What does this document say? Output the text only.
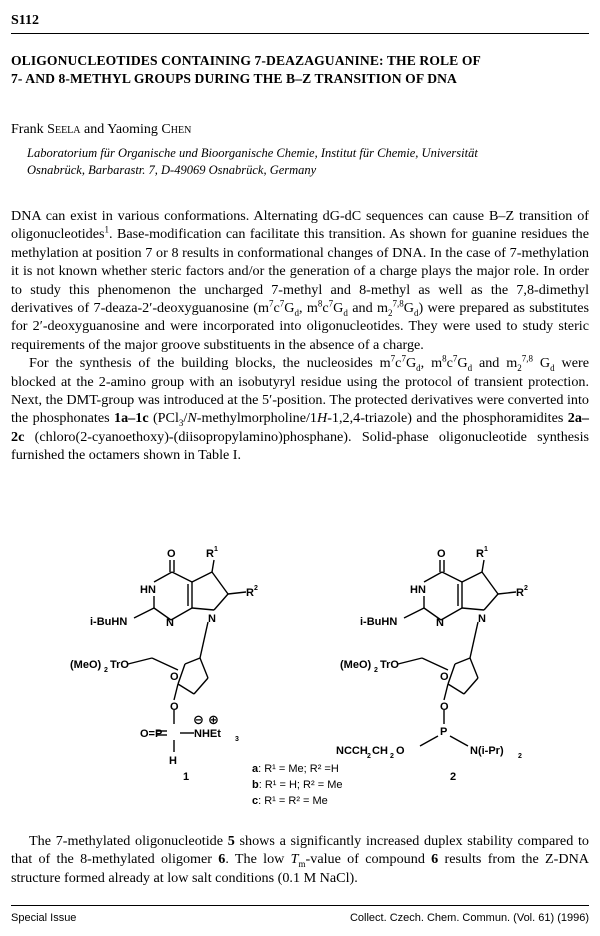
S112
OLIGONUCLEOTIDES CONTAINING 7-DEAZAGUANINE: THE ROLE OF
7- AND 8-METHYL GROUPS DURING THE B–Z TRANSITION OF DNA
Frank Seela and Yaoming Chen
Laboratorium für Organische und Bioorganische Chemie, Institut für Chemie, Universität
Osnabrück, Barbarastr. 7, D-49069 Osnabrück, Germany

DNA can exist in various conformations. Alternating dG-dC sequences can cause B–Z transition of oligonucleotides$^1$. Base-modification can facilitate this transition. As shown for guanine residues the methylation at position 7 or 8 results in conformational changes of DNA. In the case of 7-methylation it is not known whether steric factors and/or the generation of a charge plays the major role. In order to study this phenomenon the uncharged 7-methyl and 8-methyl as well as the 7,8-dimethyl derivatives of 7-deaza-2′-deoxyguanosine ($m^7c^7G_d$, $m^8c^7G_d$ and $m_2^{7,8}G_d$) were prepared as substitutes for 2′-deoxyguanosine and were incorporated into oligonucleotides. They were used to study steric requirements of the major groove substituents in the absence of a charge.

For the synthesis of the building blocks, the nucleosides $m^7c^7G_d$, $m^8c^7G_d$ and $m_2^{7,8}$ $G_d$ were blocked at the 2-amino group with an isobutyryl residue using the protocol of transient protection. Next, the DMT-group was introduced at the 5′-position. The protected derivatives were converted into the phosphonates 1a–1c (PCl$_3$/N-methylmorpholine/1H-1,2,4-triazole) and the phosphoramidites 2a–2c (chloro(2-cyanoethoxy)-(diisopropylamino)phosphane). Solid-phase oligonucleotide synthesis furnished the octamers shown in Table I.

O	R 1
HN
N	N
R 2
i-BuHN
(MeO) 2 TrO
O
O
⊖ ⊕
O=P	NHEt 3
H
1
O	R 1
HN
N	N
R 2
i-BuHN
(MeO) 2 TrO
O
O
P
NCCH 2 CH 2 O	N(i-Pr) 2
2
a: R¹ = Me; R² =H
b: R¹ = H; R² = Me
c: R¹ = R² = Me

The 7-methylated oligonucleotide 5 shows a significantly increased duplex stability compared to that of the 8-methylated oligomer 6. The low $T_m$-value of compound 6 results from the Z-DNA structure formed already at low salt conditions (0.1 M NaCl).

Special Issue	Collect. Czech. Chem. Commun. (Vol. 61) (1996)
